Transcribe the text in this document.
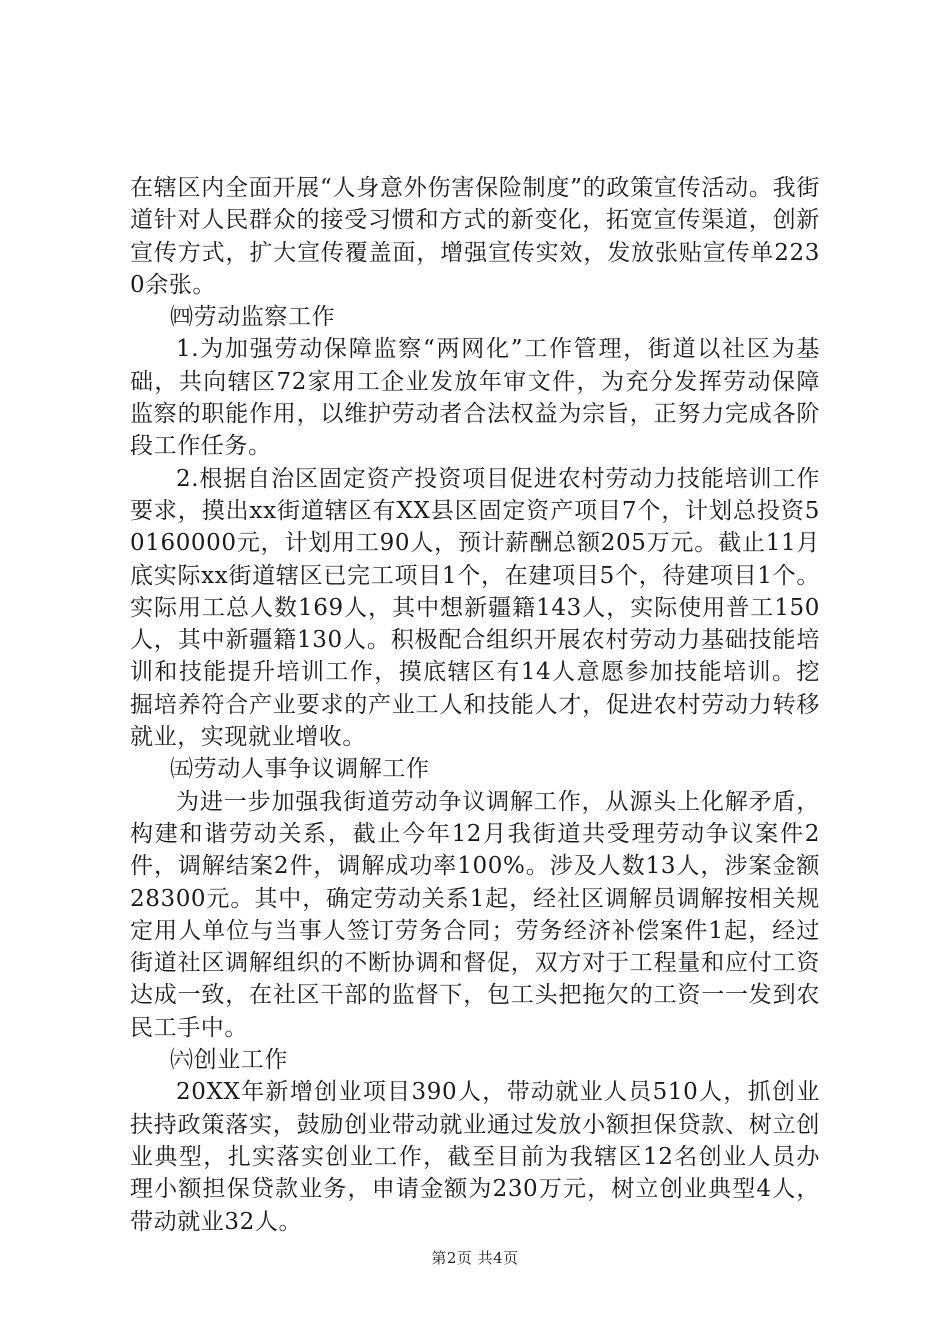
在辖区内全面开展“人身意外伤害保险制度”的政策宣传活动。我街道针对人民群众的接受习惯和方式的新变化，拓宽宣传渠道，创新宣传方式，扩大宣传覆盖面，增强宣传实效，发放张贴宣传单2230余张。

㈣劳动监察工作

1.为加强劳动保障监察“两网化”工作管理，街道以社区为基础，共向辖区72家用工企业发放年审文件，为充分发挥劳动保障监察的职能作用，以维护劳动者合法权益为宗旨，正努力完成各阶段工作任务。

2.根据自治区固定资产投资项目促进农村劳动力技能培训工作要求，摸出xx街道辖区有XX县区固定资产项目7个，计划总投资50160000元，计划用工90人，预计薪酬总额205万元。截止11月底实际xx街道辖区已完工项目1个，在建项目5个，待建项目1个。实际用工总人数169人，其中想新疆籍143人，实际使用普工150人，其中新疆籍130人。积极配合组织开展农村劳动力基础技能培训和技能提升培训工作，摸底辖区有14人意愿参加技能培训。挖掘培养符合产业要求的产业工人和技能人才，促进农村劳动力转移就业，实现就业增收。

㈤劳动人事争议调解工作

为进一步加强我街道劳动争议调解工作，从源头上化解矛盾，构建和谐劳动关系，截止今年12月我街道共受理劳动争议案件2件，调解结案2件，调解成功率100%。涉及人数13人，涉案金额28300元。其中，确定劳动关系1起，经社区调解员调解按相关规定用人单位与当事人签订劳务合同；劳务经济补偿案件1起，经过街道社区调解组织的不断协调和督促，双方对于工程量和应付工资达成一致，在社区干部的监督下，包工头把拖欠的工资一一发到农民工手中。

㈥创业工作

20XX年新增创业项目390人，带动就业人员510人，抓创业扶持政策落实，鼓励创业带动就业通过发放小额担保贷款、树立创业典型，扎实落实创业工作，截至目前为我辖区12名创业人员办理小额担保贷款业务，申请金额为230万元，树立创业典型4人，带动就业32人。

第2页 共4页
